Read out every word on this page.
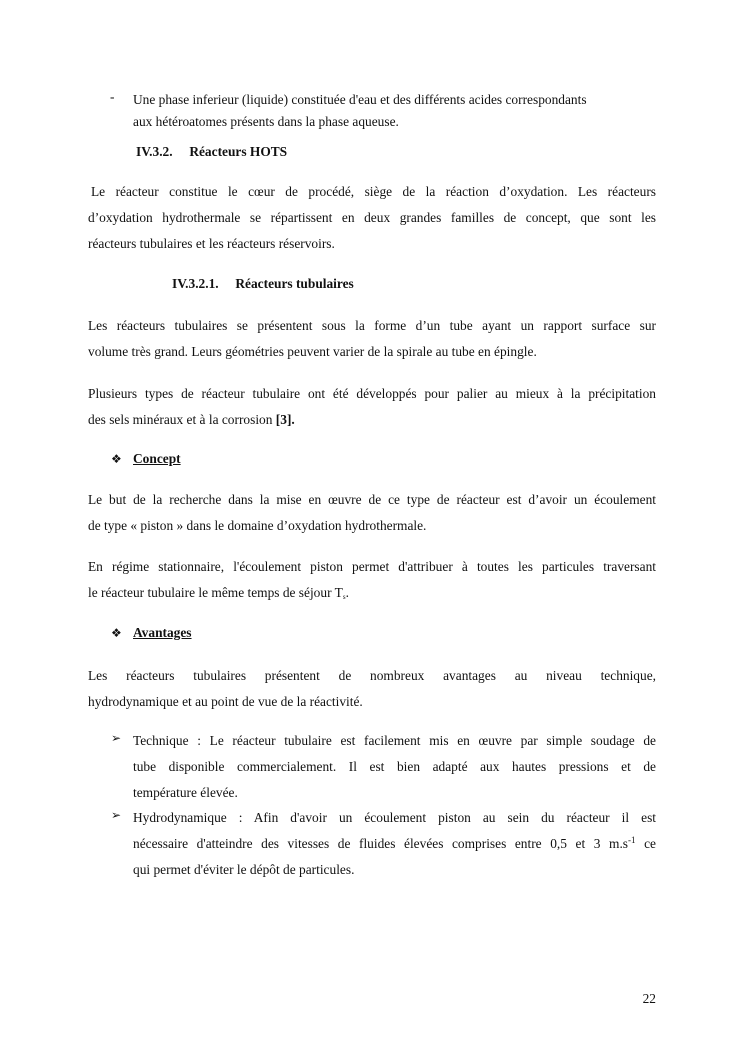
- Une phase inferieur (liquide) constituée d'eau et des différents acides correspondants
aux hétéroatomes présents dans la phase aqueuse.
IV.3.2. Réacteurs HOTS
Le réacteur constitue le cœur de procédé, siège de la réaction d’oxydation. Les réacteurs
d’oxydation hydrothermale se répartissent en deux grandes familles de concept, que sont les
réacteurs tubulaires et les réacteurs réservoirs.
IV.3.2.1. Réacteurs tubulaires
Les réacteurs tubulaires se présentent sous la forme d’un tube ayant un rapport surface sur
volume très grand. Leurs géométries peuvent varier de la spirale au tube en épingle.
Plusieurs types de réacteur tubulaire ont été développés pour palier au mieux à la précipitation
des sels minéraux et à la corrosion [3].
❖ Concept
Le but de la recherche dans la mise en œuvre de ce type de réacteur est d’avoir un écoulement
de type « piston » dans le domaine d’oxydation hydrothermale.
En régime stationnaire, l'écoulement piston permet d'attribuer à toutes les particules traversant
le réacteur tubulaire le même temps de séjour $T_s$.
❖ Avantages
Les réacteurs tubulaires présentent de nombreux avantages au niveau technique,
hydrodynamique et au point de vue de la réactivité.
➢ Technique : Le réacteur tubulaire est facilement mis en œuvre par simple soudage de
tube disponible commercialement. Il est bien adapté aux hautes pressions et de
température élevée.
➢ Hydrodynamique : Afin d'avoir un écoulement piston au sein du réacteur il est
nécessaire d'atteindre des vitesses de fluides élevées comprises entre 0,5 et 3 $m.s^{-1}$ ce
qui permet d'éviter le dépôt de particules.
22
